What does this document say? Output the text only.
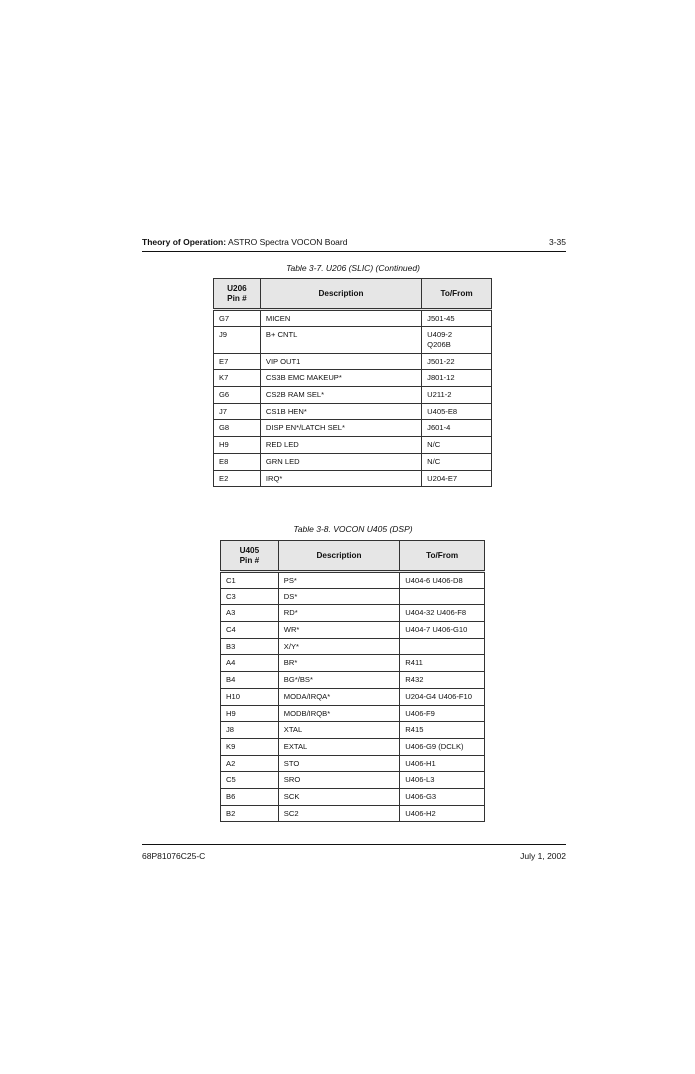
Theory of Operation: ASTRO Spectra VOCON Board	3-35
Table 3-7. U206 (SLIC) (Continued)
U206
Pin #	Description	To/From
G7	MICEN	J501-45
J9	B+ CNTL	U409-2
Q206B
E7	VIP OUT1	J501-22
K7	CS3B EMC MAKEUP*	J801-12
G6	CS2B RAM SEL*	U211-2
J7	CS1B HEN*	U405-E8
G8	DISP EN*/LATCH SEL*	J601-4
H9	RED LED	N/C
E8	GRN LED	N/C
E2	IRQ*	U204-E7
Table 3-8. VOCON U405 (DSP)
U405
Pin #	Description	To/From
C1	PS*	U404-6 U406-D8
C3	DS*	
A3	RD*	U404-32 U406-F8
C4	WR*	U404-7 U406-G10
B3	X/Y*	
A4	BR*	R411
B4	BG*/BS*	R432
H10	MODA/IRQA*	U204-G4 U406-F10
H9	MODB/IRQB*	U406-F9
J8	XTAL	R415
K9	EXTAL	U406-G9 (DCLK)
A2	STO	U406-H1
C5	SRO	U406-L3
B6	SCK	U406-G3
B2	SC2	U406-H2
68P81076C25-C	July 1, 2002
